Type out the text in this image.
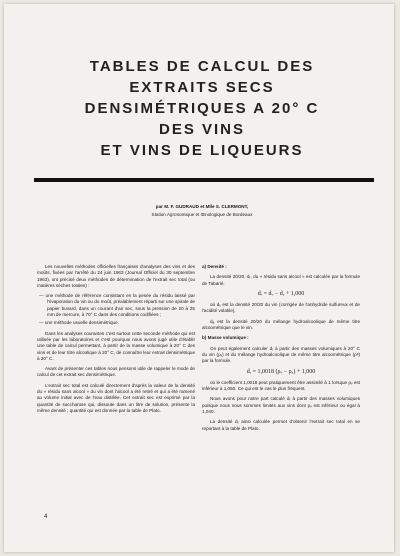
TABLES DE CALCUL DES
EXTRAITS SECS
DENSIMÉTRIQUES A 20° C
DES VINS
ET VINS DE LIQUEURS
par M. F. GUDRAUD et Mlle S. CLERMONT,
Station Agronomique et Œnologique de Bordeaux

Les nouvelles méthodes officielles françaises d'analyses des vins et des moûts, fixées par l'arrêté du 24 juin 1963 (Journal Officiel du 30 septembre 1963), ont précisé deux méthodes de détermination de l'extrait sec total (ou matières sèches totales) :

— une méthode de référence consistant en la pesée du résidu laissé par l'évaporation du vin ou du moût, préalablement réparti sur une spirale de papier buvard, dans un courant d'air sec, sous la pression de 20 à 25 mm de mercure, à 70° C dans des conditions codifiées ;
— une méthode usuelle densimétrique.

Dans les analyses courantes c'est surtout cette seconde méthode qui est utilisée par les laboratoires et c'est pourquoi nous avons jugé utile d'établir une table de calcul permettant, à partir de la masse volumique à 20° C des vins et de leur titre alcoolique à 20° C, de connaître leur extrait densimétrique à 20° C.

Avant de présenter ces tables nous pensons utile de rappeler le mode de calcul de cet extrait sec densimétrique.

L'extrait sec total est calculé directement d'après la valeur de la densité du « résidu sans alcool » du vin dont l'alcool a été retiré et qui a été ramené au volume initial avec de l'eau distillée. Cet extrait sec est exprimé par la quantité de saccharose qui, dissoute dans un litre de solution, présente la même densité ; quantité qui est donnée par la table de Plato.

a) Densité :

La densité 20/20, dᵣ, du « résidu sans alcool » est calculée par la formule de Tabarié.

dᵣ = dᵥ − dₐ + 1,000

où dᵥ est la densité 20/20 du vin (corrigée de l'anhydride sulfureux et de l'acidité volatile),

dₐ est la densité 20/20 du mélange hydroalcoolique de même titre alcoométrique que le vin.

b) Masse volumique :

On peut également calculer dᵣ à partir des masses volumiques à 20° C du vin (ρᵥ) et du mélange hydroalcoolique de même titre alcoométrique (ρᵃ) par la formule.

dᵣ = 1,0018 (ρᵥ − ρₐ) + 1,000

où le coefficient 1,0018 peut pratiquement être assimilé à 1 lorsque ρᵥ est inférieur à 1,050. Ce qui est le cas le plus fréquent.

Nous avons pour notre part calculé dᵣ à partir des masses volumiques puisque nous nous sommes limités aux vins dont ρᵥ est inférieur ou égal à 1,040.

La densité dᵣ ainsi calculée permet d'obtenir l'extrait sec total en se reportant à la table de Plato.

4
